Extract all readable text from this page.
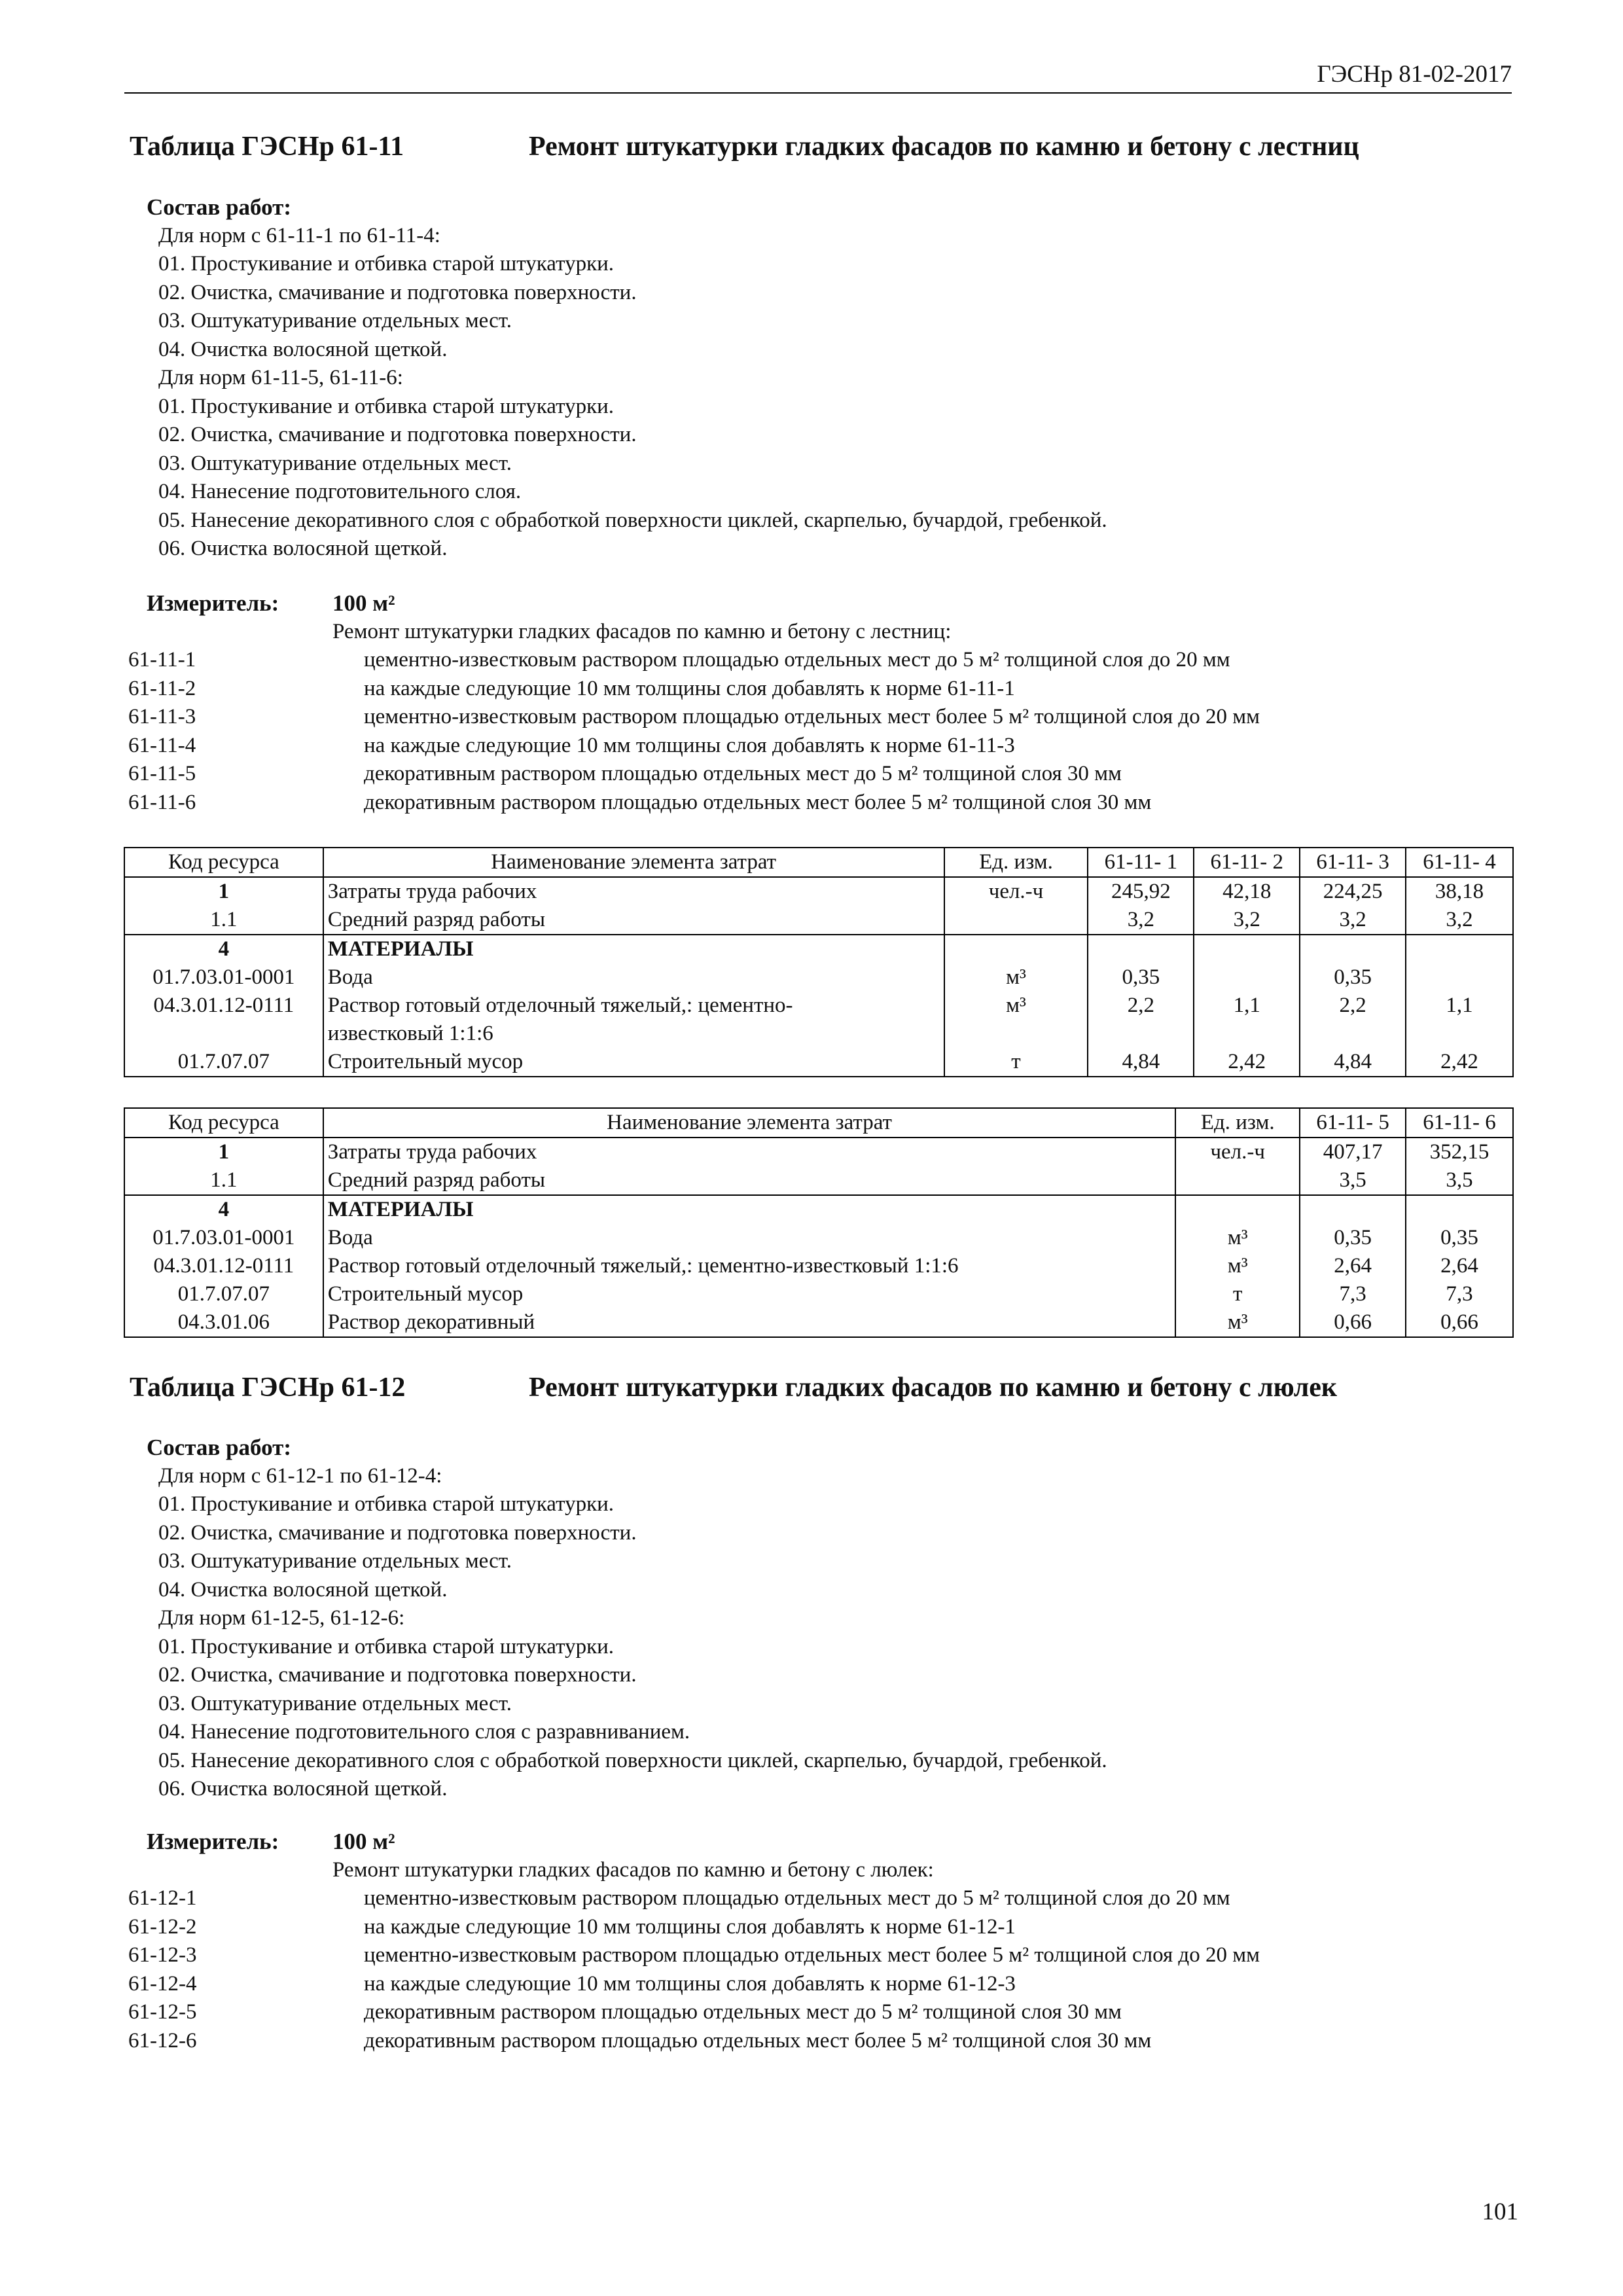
ГЭСНр 81-02-2017
Таблица ГЭСНр 61-11	Ремонт штукатурки гладких фасадов по камню и бетону с лестниц
Состав работ:
Для норм с 61-11-1 по 61-11-4:
01. Простукивание и отбивка старой штукатурки.
02. Очистка, смачивание и подготовка поверхности.
03. Оштукатуривание отдельных мест.
04. Очистка волосяной щеткой.
Для норм 61-11-5, 61-11-6:
01. Простукивание и отбивка старой штукатурки.
02. Очистка, смачивание и подготовка поверхности.
03. Оштукатуривание отдельных мест.
04. Нанесение подготовительного слоя.
05. Нанесение декоративного слоя с обработкой поверхности циклей, скарпелью, бучардой, гребенкой.
06. Очистка волосяной щеткой.
Измеритель: 100 м²
Ремонт штукатурки гладких фасадов по камню и бетону с лестниц:
61-11-1	цементно-известковым раствором площадью отдельных мест до 5 м² толщиной слоя до 20 мм
61-11-2	на каждые следующие 10 мм толщины слоя добавлять к норме 61-11-1
61-11-3	цементно-известковым раствором площадью отдельных мест более 5 м² толщиной слоя до 20 мм
61-11-4	на каждые следующие 10 мм толщины слоя добавлять к норме 61-11-3
61-11-5	декоративным раствором площадью отдельных мест до 5 м² толщиной слоя 30 мм
61-11-6	декоративным раствором площадью отдельных мест более 5 м² толщиной слоя 30 мм
Код ресурса	Наименование элемента затрат	Ед. изм.	61-11- 1	61-11- 2	61-11- 3	61-11- 4
1	Затраты труда рабочих	чел.-ч	245,92	42,18	224,25	38,18
1.1	Средний разряд работы		3,2	3,2	3,2	3,2
4	МАТЕРИАЛЫ					
01.7.03.01-0001	Вода	м³	0,35		0,35	
04.3.01.12-0111	Раствор готовый отделочный тяжелый,: цементно-	м³	2,2	1,1	2,2	1,1
	известковый 1:1:6					
01.7.07.07	Строительный мусор	т	4,84	2,42	4,84	2,42
Код ресурса	Наименование элемента затрат	Ед. изм.	61-11- 5	61-11- 6
1	Затраты труда рабочих	чел.-ч	407,17	352,15
1.1	Средний разряд работы		3,5	3,5
4	МАТЕРИАЛЫ			
01.7.03.01-0001	Вода	м³	0,35	0,35
04.3.01.12-0111	Раствор готовый отделочный тяжелый,: цементно-известковый 1:1:6	м³	2,64	2,64
01.7.07.07	Строительный мусор	т	7,3	7,3
04.3.01.06	Раствор декоративный	м³	0,66	0,66
Таблица ГЭСНр 61-12	Ремонт штукатурки гладких фасадов по камню и бетону с люлек
Состав работ:
Для норм с 61-12-1 по 61-12-4:
01. Простукивание и отбивка старой штукатурки.
02. Очистка, смачивание и подготовка поверхности.
03. Оштукатуривание отдельных мест.
04. Очистка волосяной щеткой.
Для норм 61-12-5, 61-12-6:
01. Простукивание и отбивка старой штукатурки.
02. Очистка, смачивание и подготовка поверхности.
03. Оштукатуривание отдельных мест.
04. Нанесение подготовительного слоя с разравниванием.
05. Нанесение декоративного слоя с обработкой поверхности циклей, скарпелью, бучардой, гребенкой.
06. Очистка волосяной щеткой.
Измеритель: 100 м²
Ремонт штукатурки гладких фасадов по камню и бетону с люлек:
61-12-1	цементно-известковым раствором площадью отдельных мест до 5 м² толщиной слоя до 20 мм
61-12-2	на каждые следующие 10 мм толщины слоя добавлять к норме 61-12-1
61-12-3	цементно-известковым раствором площадью отдельных мест более 5 м² толщиной слоя до 20 мм
61-12-4	на каждые следующие 10 мм толщины слоя добавлять к норме 61-12-3
61-12-5	декоративным раствором площадью отдельных мест до 5 м² толщиной слоя 30 мм
61-12-6	декоративным раствором площадью отдельных мест более 5 м² толщиной слоя 30 мм
101
